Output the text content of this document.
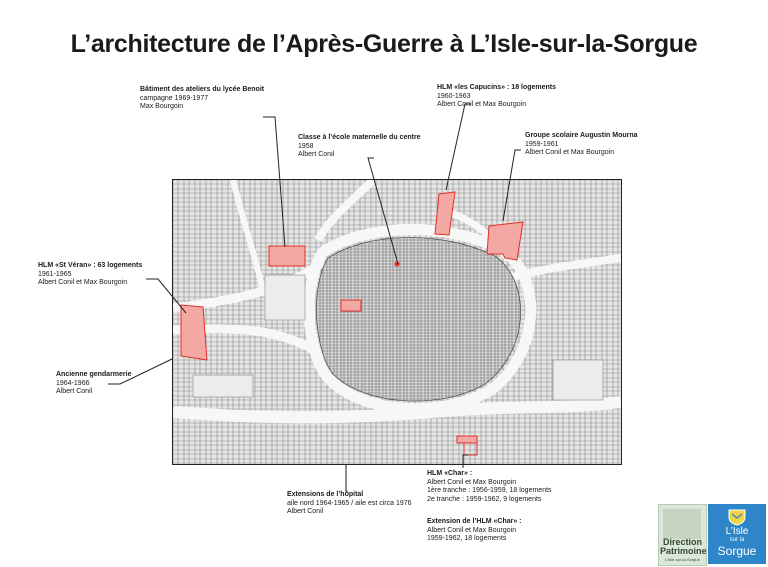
L’architecture de l’Après-Guerre à L’Isle-sur-la-Sorgue
Bâtiment des ateliers du lycée Benoit
campagne 1969-1977
Max Bourgoin
HLM «les Capucins» : 18 logements
1960-1963
Albert Conil et Max Bourgoin
Classe à l’école maternelle du centre
1958
Albert Conil
Groupe scolaire Augustin Mourna
1959-1961
Albert Conil et Max Bourgoin
HLM «St Véran» : 63 logements
1961-1965
Albert Conil et Max Bourgoin
Ancienne gendarmerie
1964-1966
Albert Conil
Extensions de l’hôpital
aile nord 1964-1965 / aile est circa 1976
Albert Conil
HLM «Char» :
Albert Conil et Max Bourgoin
1ère tranche : 1956-1959, 18 logements
2e tranche : 1959-1962, 9 logements
Extension de l’HLM «Char» :
Albert Conil et Max Bourgoin
1959-1962, 18 logements	Direction
Patrimoine
L’Isle-sur-la-Sorgue
L’Isle
sur la
Sorgue
